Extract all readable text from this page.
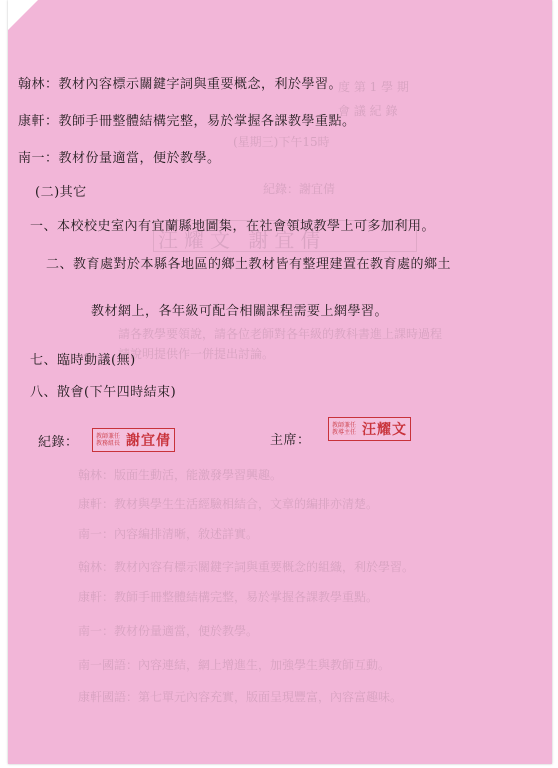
度 第 1 學 期
會 議 紀 錄
(星期三)下午15時
紀錄：謝宜倩
汪耀文 謝宜倩
請各教學要領說，請各位老師對各年級的教科書進上課時過程
請說明提供作一併提出討論。
翰林：版面生動活，能激發學習興趣。
康軒：教材與學生生活經驗相結合，文章的編排亦清楚。
南一：內容編排清晰，敘述詳實。
翰林：教材內容有標示關鍵字詞與重要概念的組織，利於學習。
康軒：教師手冊整體結構完整，易於掌握各課教學重點。
南一：教材份量適當，便於教學。
南一國語：內容連結，網上增進生，加強學生與教師互動。
康軒國語：第七單元內容充實，版面呈現豐富，內容富趣味。
翰林：教材內容標示關鍵字詞與重要概念，利於學習。
康軒：教師手冊整體結構完整，易於掌握各課教學重點。
南一：教材份量適當，便於教學。
(二)其它
一、本校校史室內有宜蘭縣地圖集，在社會領域教學上可多加利用。
二、教育處對於本縣各地區的鄉土教材皆有整理建置在教育處的鄉土
教材網上，各年級可配合相關課程需要上網學習。
七、臨時動議(無)
八、散會(下午四時結束)
紀錄：	教師兼任
教務組長 謝宜倩	主席：
教師兼任
教導主任 汪耀文
